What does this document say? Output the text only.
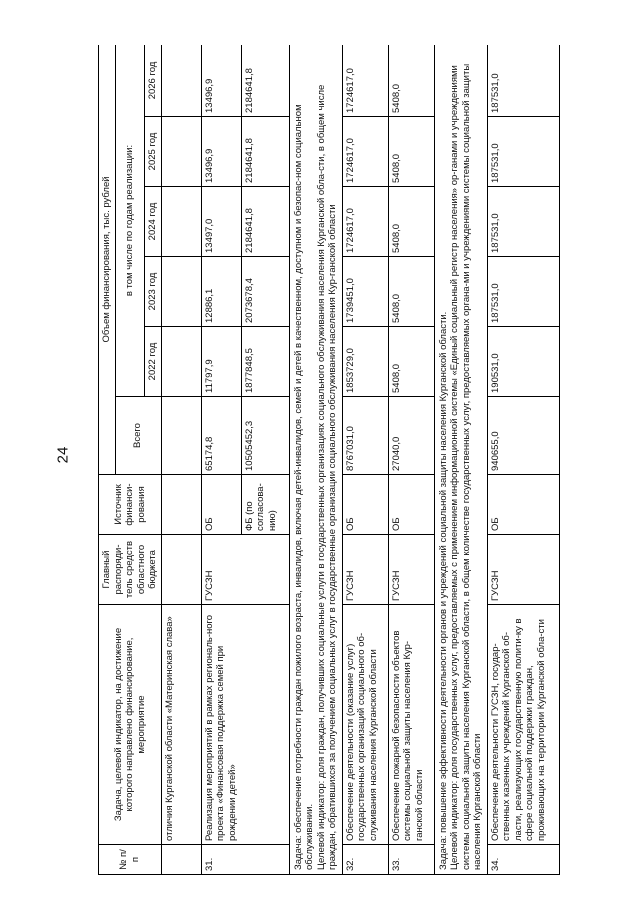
24
№ п/п	Задача, целевой индикатор, на достижение которого направлено финансирование, мероприятие	Главный распоряди-тель средств областного бюджета	Источник финанси-рования	Объем финансирования, тыс. рублей					
				Всего	в том числе по годам реализации:				
					2022 год	2023 год	2024 год	2025 год	2026 год
	отличия Курганской области «Материнская слава»								
31.	Реализация мероприятий в рамках региональ-ного проекта «Финансовая поддержка семей при рождении детей»	ГУСЗН	ОБ	65174,8	11797,9	12886,1	13497,0	13496,9	13496,9
			ФБ (по согласова-нию)	10505452,3	1877848,5	2073678,4	2184641,8	2184641,8	2184641,8
Задача: обеспечение потребности граждан пожилого возраста, инвалидов, включая детей-инвалидов, семей и детей в качественном, доступном и безопас-ном социальном обслуживании.
Целевой индикатор: доля граждан, получивших социальные услуги в государственных организациях социального обслуживания населения Курганской обла-сти, в общем числе граждан, обратившихся за получением социальных услуг в государственные организации социального обслуживания населения Кур-ганской области									
32.	Обеспечение деятельности (оказание услуг) государственных организаций социального об-служивания населения Курганской области	ГУСЗН	ОБ	8767031,0	1853729,0	1739451,0	1724617,0	1724617,0	1724617,0
33.	Обеспечение пожарной безопасности объектов системы социальной защиты населения Кур-ганской области	ГУСЗН	ОБ	27040,0	5408,0	5408,0	5408,0	5408,0	5408,0
Задача: повышение эффективности деятельности органов и учреждений социальной защиты населения Курганской области.
Целевой индикатор: доля государственных услуг, предоставляемых с применением информационной системы «Единый социальный регистр населения» ор-ганами и учреждениями системы социальной защиты населения Курганской области, в общем количестве государственных услуг, предоставляемых органа-ми и учреждениями системы социальной защиты населения Курганской области									
34.	Обеспечение деятельности ГУСЗН, государ-ственных казенных учреждений Курганской об-ласти, реализующих государственную полити-ку в сфере социальной поддержки граждан, проживающих на территории Курганской обла-сти	ГУСЗН	ОБ	940655,0	190531,0	187531,0	187531,0	187531,0	187531,0
